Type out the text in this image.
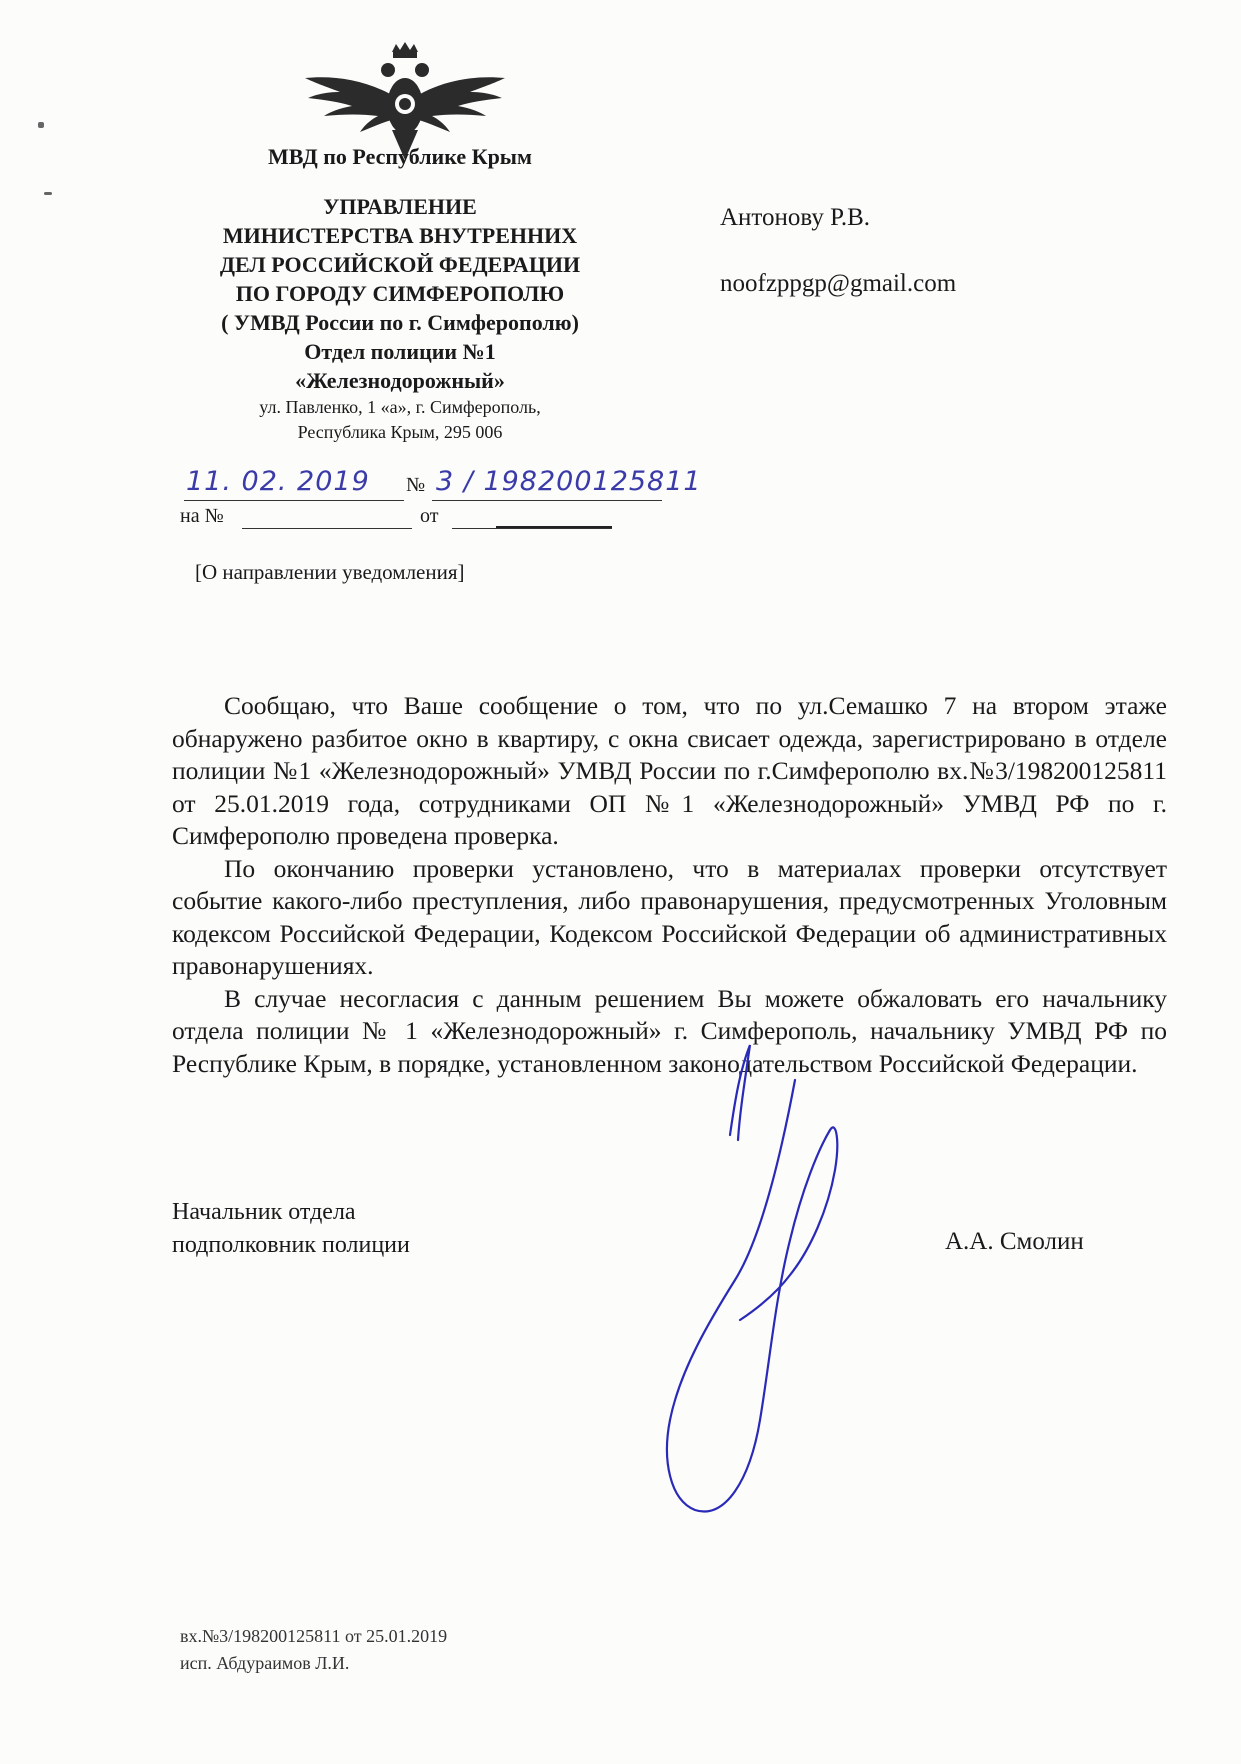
МВД по Республике Крым
УПРАВЛЕНИЕ
МИНИСТЕРСТВА ВНУТРЕННИХ
ДЕЛ РОССИЙСКОЙ ФЕДЕРАЦИИ
ПО ГОРОДУ СИМФЕРОПОЛЮ
( УМВД России по г. Симферополю)
Отдел полиции №1
«Железнодорожный»
ул. Павленко, 1 «а», г. Симферополь,
Республика Крым, 295 006
11. 02. 2019 № 3 / 198200125811
на №	от
Антонову Р.В.
noofzppgp@gmail.com
[О направлении уведомления]

Сообщаю, что Ваше сообщение о том, что по ул.Семашко 7 на втором этаже обнаружено разбитое окно в квартиру, с окна свисает одежда, зарегистрировано в отделе полиции №1 «Железнодорожный» УМВД России по г.Симферополю вх.№3/198200125811 от 25.01.2019 года, сотрудниками ОП №1 «Железнодорожный» УМВД РФ по г. Симферополю проведена проверка.

По окончанию проверки установлено, что в материалах проверки отсутствует событие какого-либо преступления, либо правонарушения, предусмотренных Уголовным кодексом Российской Федерации, Кодексом Российской Федерации об административных правонарушениях.

В случае несогласия с данным решением Вы можете обжаловать его начальнику отдела полиции № 1 «Железнодорожный» г. Симферополь, начальнику УМВД РФ по Республике Крым, в порядке, установленном законодательством Российской Федерации.

Начальник отдела
подполковник полиции	А.А. Смолин
вх.№3/198200125811 от 25.01.2019
исп. Абдураимов Л.И.
